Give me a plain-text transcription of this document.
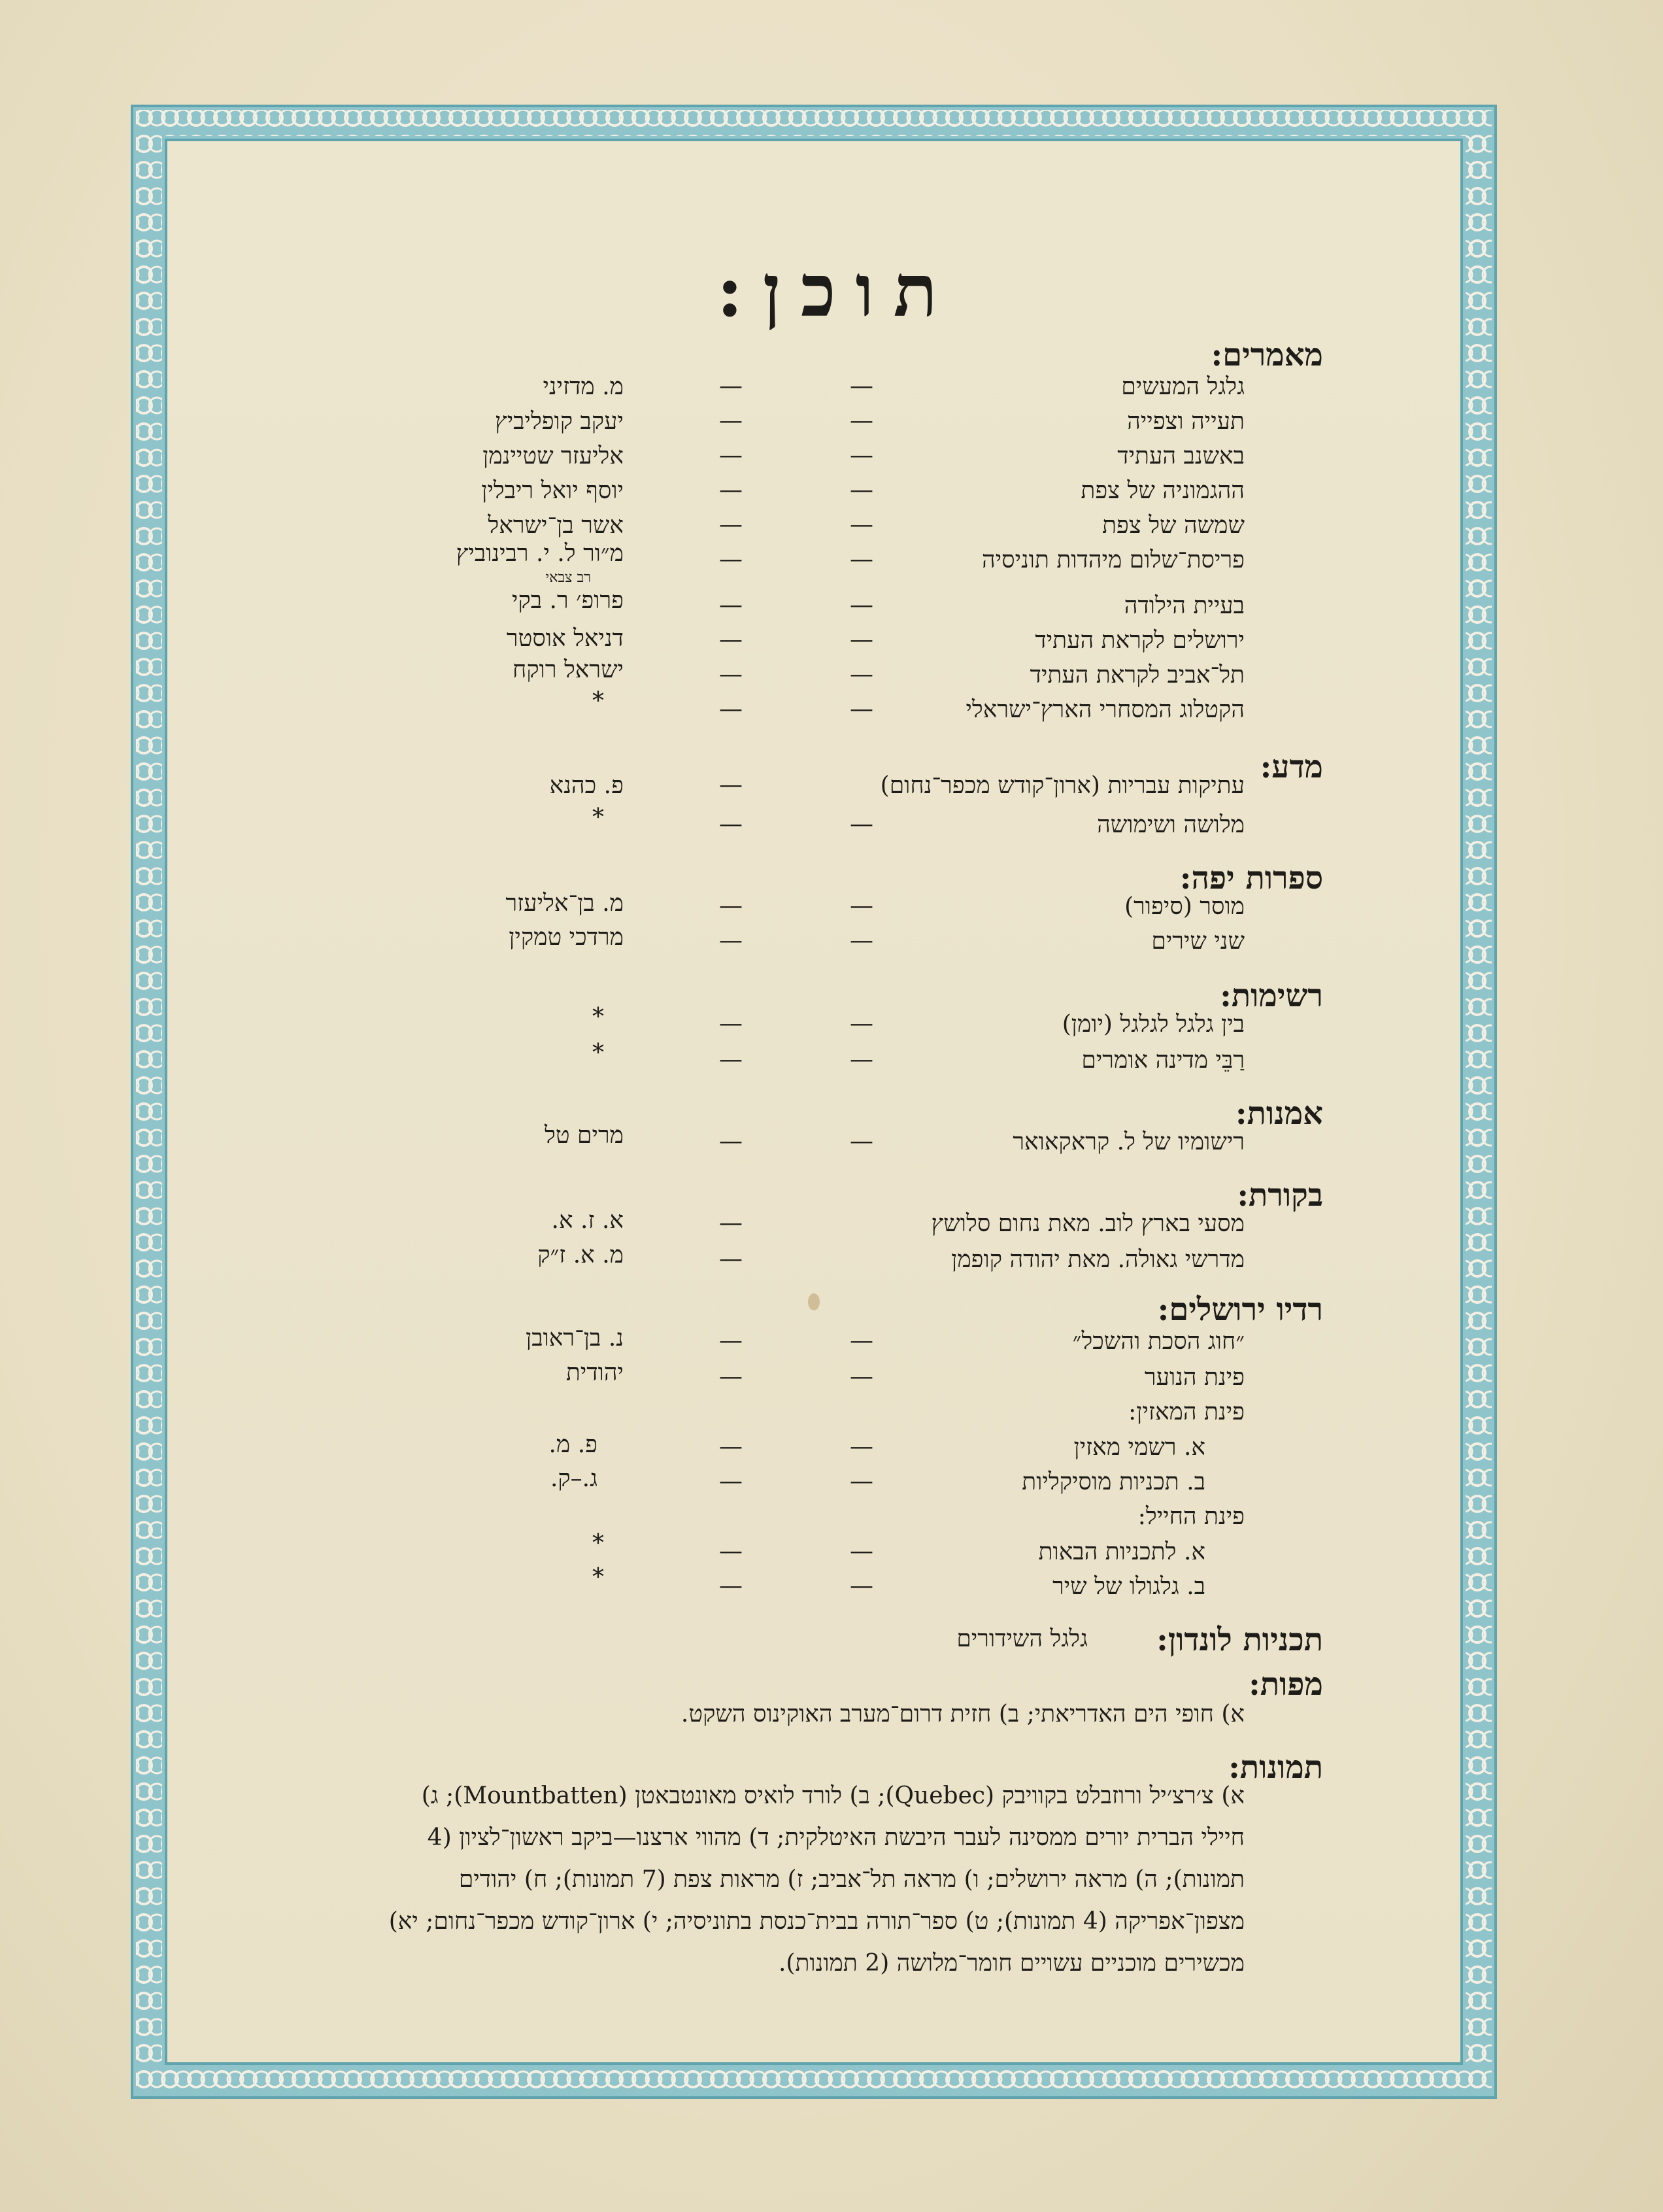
תוכן:
מאמרים:
גלגל המעשים
—
—
מ. מדזיני
תעייה וצפייה
—
—
יעקב קופליביץ
באשנב העתיד
—
—
אליעזר שטיינמן
ההגמוניה של צפת
—
—
יוסף יואל ריבלין
שמשה של צפת
—
—
אשר בן־ישראל
פריסת־שלום מיהדות תוניסיה
—
—
מ״ור ל. י. רבינוביץ
רב צבאי
בעיית הילודה
—
—
פרופ׳ ר. בקי
ירושלים לקראת העתיד
—
—
דניאל אוסטר
תל־אביב לקראת העתיד
—
—
ישראל רוקח
הקטלוג המסחרי הארץ־ישראלי
—
—
*
מדע:
עתיקות עבריות (ארון־קודש מכפר־נחום)
—
פ. כהנא
מלושה ושימושה
—
—
*
ספרות יפה:
מוסר (סיפור)
—
—
מ. בן־אליעזר
שני שירים
—
—
מרדכי טמקין
רשימות:
בין גלגל לגלגל (יומן)
—
—
*
רַבֵּי מדינה אומרים
—
—
*
אמנות:
רישומיו של ל. קראקאואר
—
—
מרים טל
בקורת:
מסעי בארץ לוב. מאת נחום סלושץ
—
א. ז. א.
מדרשי גאולה. מאת יהודה קופמן
—
מ. א. ז״ק
רדיו ירושלים:
״חוג הסכת והשכל״
—
—
נ. בן־ראובן
פינת הנוער
—
—
יהודית
פינת המאזין:
א. רשמי מאזין
—
—
פ. מ.
ב. תכניות מוסיקליות
—
—
ג.–ק.
פינת החייל:
א. לתכניות הבאות
—
—
*
ב. גלגולו של שיר
—
—
*
תכניות לונדון:
גלגל השידורים
מפות:
א) חופי הים האדריאתי; ב) חזית דרום־מערב האוקינוס השקט.
תמונות:
א) צ׳רצ׳יל ורוזבלט בקוויבק (Quebec); ב) לורד לואיס מאונטבאטן (Mountbatten); ג) חיילי הברית יורים ממסינה לעבר היבשת האיטלקית; ד) מהווי ארצנו—ביקב ראשון־לציון (4 תמונות); ה) מראה ירושלים; ו) מראה תל־אביב; ז) מראות צפת (7 תמונות); ח) יהודים מצפון־אפריקה (4 תמונות); ט) ספר־תורה בבית־כנסת בתוניסיה; י) ארון־קודש מכפר־נחום; יא) מכשירים מוכניים עשויים חומר־מלושה (2 תמונות).
